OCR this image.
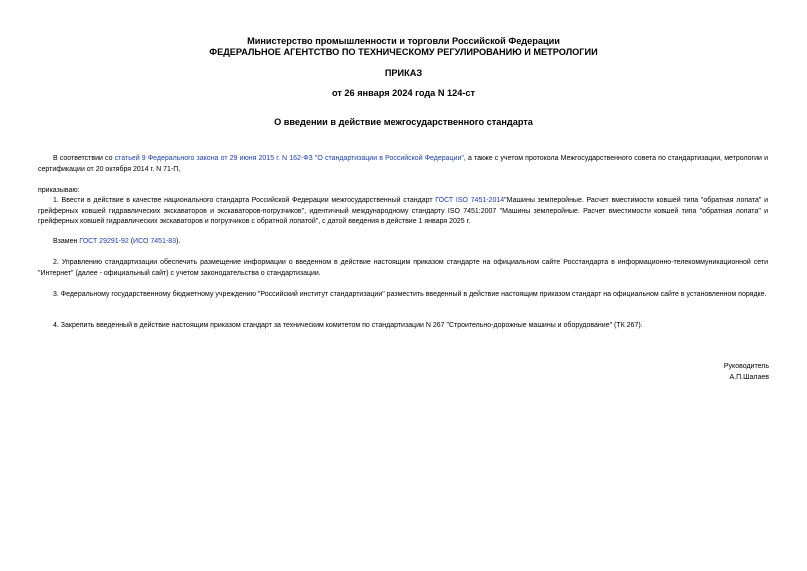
Министерство промышленности и торговли Российской Федерации
ФЕДЕРАЛЬНОЕ АГЕНТСТВО ПО ТЕХНИЧЕСКОМУ РЕГУЛИРОВАНИЮ И МЕТРОЛОГИИ
ПРИКАЗ
от 26 января 2024 года N 124-ст
О введении в действие межгосударственного стандарта
В соответствии со статьей 9 Федерального закона от 29 июня 2015 г. N 162-ФЗ "О стандартизации в Российской Федерации", а также с учетом протокола Межгосударственного совета по стандартизации, метрологии и сертификации от 20 октября 2014 г. N 71-П,
приказываю:
1. Ввести в действие в качестве национального стандарта Российской Федерации межгосударственный стандарт ГОСТ ISO 7451-2014"Машины землеройные. Расчет вместимости ковшей типа "обратная лопата" и грейферных ковшей гидравлических экскаваторов и экскаваторов-погрузчиков", идентичный международному стандарту ISO 7451:2007 "Машины землеройные. Расчет вместимости ковшей типа "обратная лопата" и грейферных ковшей гидравлических экскаваторов и погрузчиков с обратной лопатой", с датой введения в действие 1 января 2025 г.
Взамен ГОСТ 29291-92 (ИСО 7451-83).
2. Управлению стандартизации обеспечить размещение информации о введенном в действие настоящим приказом стандарте на официальном сайте Росстандарта в информационно-телекоммуникационной сети "Интернет" (далее - официальный сайт) с учетом законодательства о стандартизации.
3. Федеральному государственному бюджетному учреждению "Российский институт стандартизации" разместить введенный в действие настоящим приказом стандарт на официальном сайте в установленном порядке.
4. Закрепить введенный в действие настоящим приказом стандарт за техническим комитетом по стандартизации N 267 "Строительно-дорожные машины и оборудование" (ТК 267).
Руководитель
А.П.Шалаев
